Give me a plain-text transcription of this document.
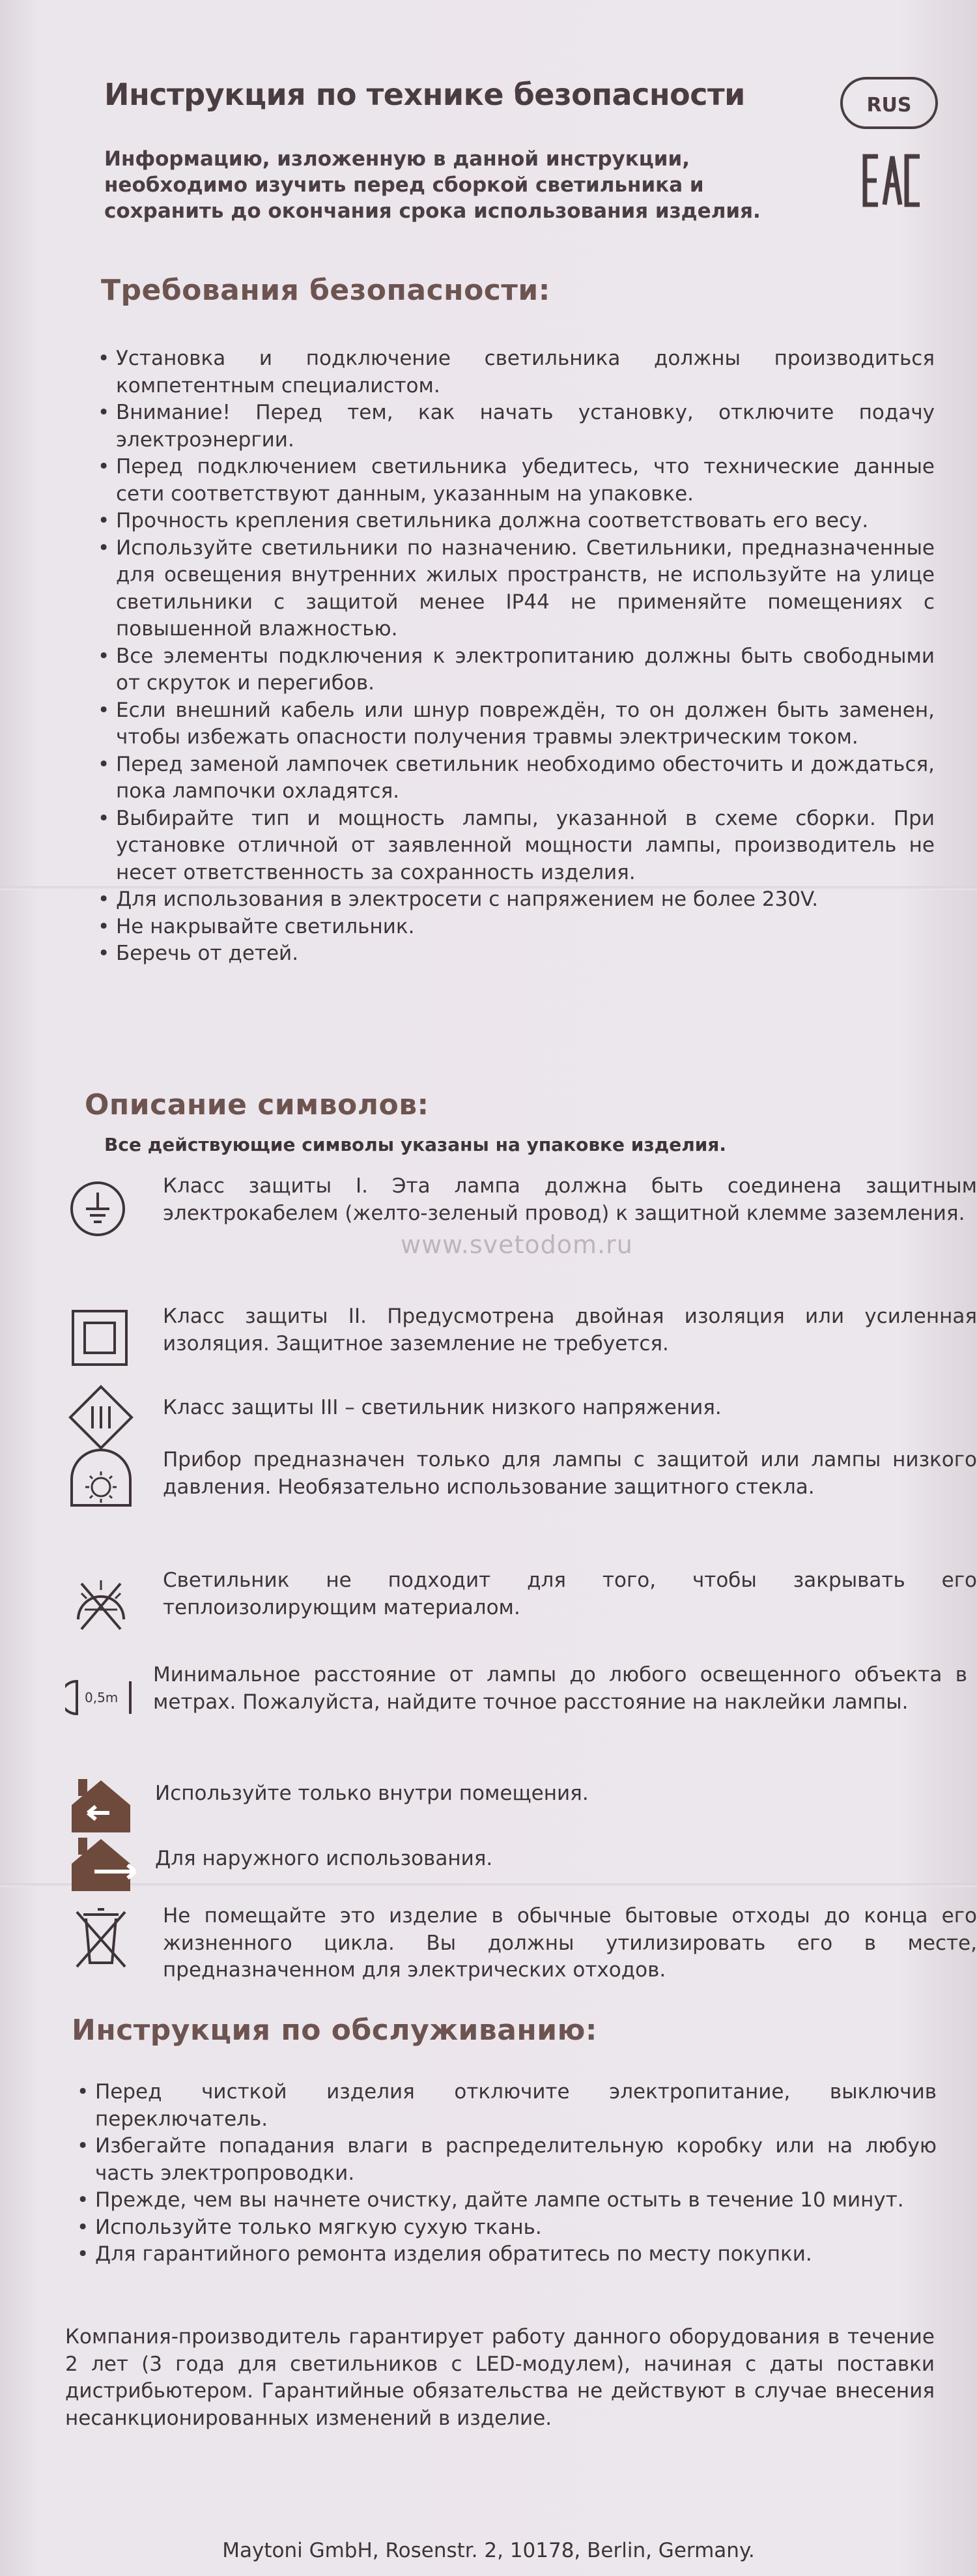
Инструкция по технике безопасности	RUS
Информацию, изложенную в данной инструкции, необходимо изучить перед сборкой светильника и сохранить до окончания срока использования изделия.
Требования безопасности:
• Установка и подключение светильника должны производиться компетентным специалистом.
• Внимание! Перед тем, как начать установку, отключите подачу электроэнергии.
• Перед подключением светильника убедитесь, что технические данные сети соответствуют данным, указанным на упаковке.
• Прочность крепления светильника должна соответствовать его весу.
• Используйте светильники по назначению. Светильники, предназначенные для освещения внутренних жилых пространств, не используйте на улице светильники с защитой менее IP44 не применяйте помещениях с повышенной влажностью.
• Все элементы подключения к электропитанию должны быть свободными от скруток и перегибов.
• Если внешний кабель или шнур повреждён, то он должен быть заменен, чтобы избежать опасности получения травмы электрическим током.
• Перед заменой лампочек светильник необходимо обесточить и дождаться, пока лампочки охладятся.
• Выбирайте тип и мощность лампы, указанной в схеме сборки. При установке отличной от заявленной мощности лампы, производитель не несет ответственность за сохранность изделия.
• Для использования в электросети с напряжением не более 230V.
• Не накрывайте светильник.
• Беречь от детей.
Описание символов:
Все действующие символы указаны на упаковке изделия.
www.svetodom.ru
Класс защиты I. Эта лампа должна быть соединена защитным электрокабелем (желто-зеленый провод) к защитной клемме заземления.
Класс защиты II. Предусмотрена двойная изоляция или усиленная изоляция. Защитное заземление не требуется.
Класс защиты III – светильник низкого напряжения.
Прибор предназначен только для лампы с защитой или лампы низкого давления. Необязательно использование защитного стекла.
Светильник не подходит для того, чтобы закрывать его теплоизолирующим материалом.
0,5m
Минимальное расстояние от лампы до любого освещенного объекта в метрах. Пожалуйста, найдите точное расстояние на наклейки лампы.
Используйте только внутри помещения.
Для наружного использования.
Не помещайте это изделие в обычные бытовые отходы до конца его жизненного цикла. Вы должны утилизировать его в месте, предназначенном для электрических отходов.
Инструкция по обслуживанию:
• Перед чисткой изделия отключите электропитание, выключив переключатель.
• Избегайте попадания влаги в распределительную коробку или на любую часть электропроводки.
• Прежде, чем вы начнете очистку, дайте лампе остыть в течение 10 минут.
• Используйте только мягкую сухую ткань.
• Для гарантийного ремонта изделия обратитесь по месту покупки.
Компания-производитель гарантирует работу данного оборудования в течение 2 лет (3 года для светильников с LED-модулем), начиная с даты поставки дистрибьютером. Гарантийные обязательства не действуют в случае внесения несанкционированных изменений в изделие.
Maytoni GmbH, Rosenstr. 2, 10178, Berlin, Germany.
